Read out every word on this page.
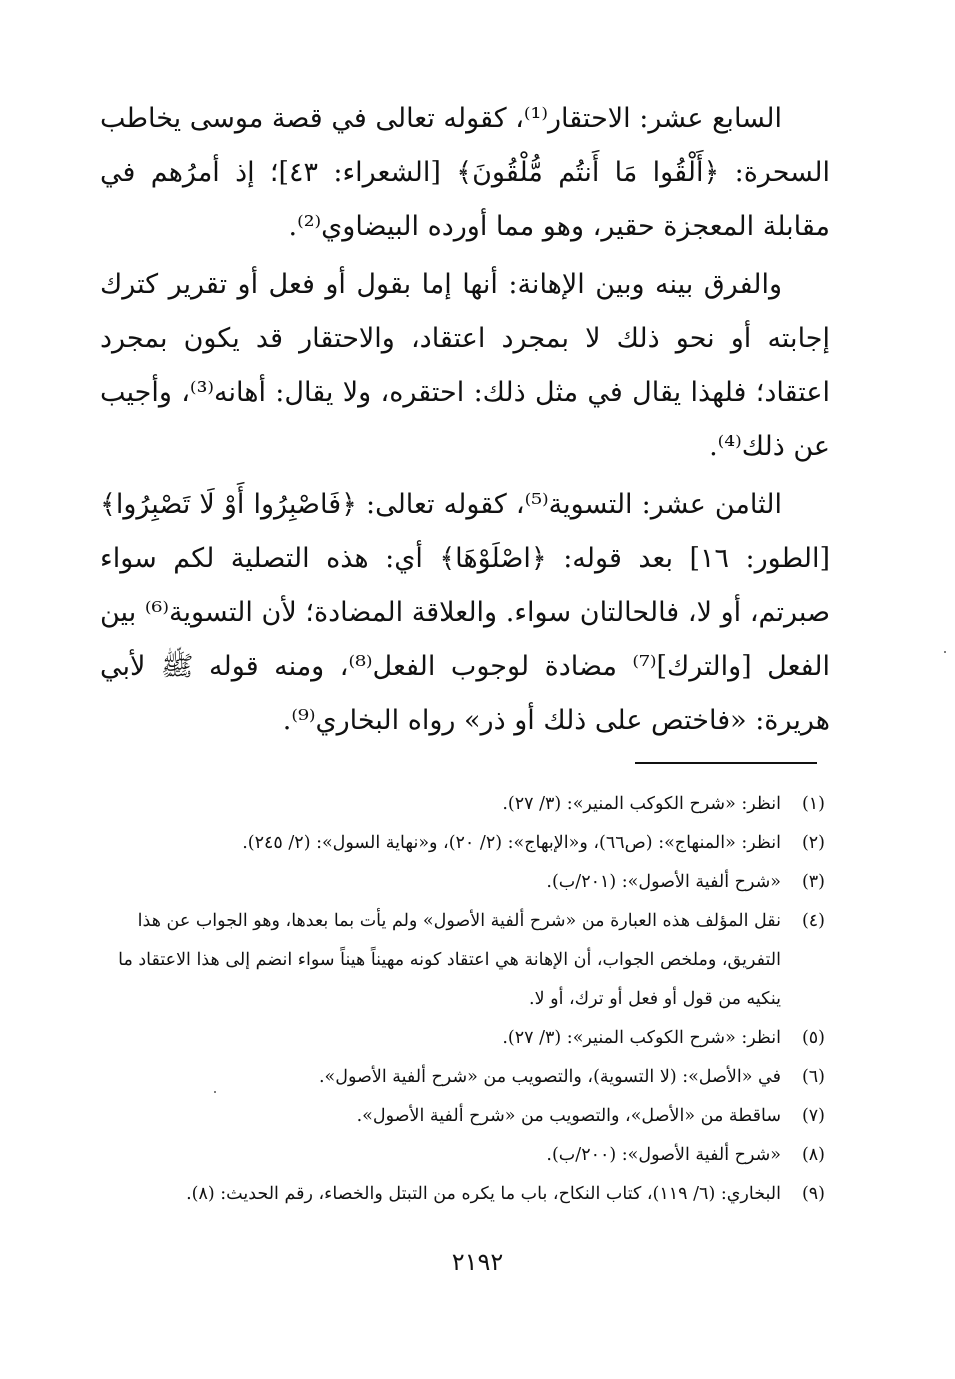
السابع عشر: الاحتقار⁽¹⁾، كقوله تعالى في قصة موسى يخاطب السحرة: ﴿أَلْقُوا مَا أَنتُم مُّلْقُونَ﴾ [الشعراء: ٤٣]؛ إذ أمرُهم في مقابلة المعجزة حقير، وهو مما أورده البيضاوي⁽²⁾.

والفرق بينه وبين الإهانة: أنها إما بقول أو فعل أو تقرير كترك إجابته أو نحو ذلك لا بمجرد اعتقاد، والاحتقار قد يكون بمجرد اعتقاد؛ فلهذا يقال في مثل ذلك: احتقره، ولا يقال: أهانه⁽³⁾، وأجيب عن ذلك⁽⁴⁾.

الثامن عشر: التسوية⁽⁵⁾، كقوله تعالى: ﴿فَاصْبِرُوا أَوْ لَا تَصْبِرُوا﴾ [الطور: ١٦] بعد قوله: ﴿اصْلَوْهَا﴾ أي: هذه التصلية لكم سواء صبرتم، أو لا، فالحالتان سواء. والعلاقة المضادة؛ لأن التسوية⁽⁶⁾ بين الفعل [والترك]⁽⁷⁾ مضادة لوجوب الفعل⁽⁸⁾، ومنه قوله ﷺ لأبي هريرة: «فاختص على ذلك أو ذر» رواه البخاري⁽⁹⁾.

(١)
انظر: «شرح الكوكب المنير»: (٣/ ٢٧).
(٢)
انظر: «المنهاج»: (ص٦٦)، و«الإبهاج»: (٢/ ٢٠)، و«نهاية السول»: (٢/ ٢٤٥).
(٣)
«شرح ألفية الأصول»: (٢٠١/ب).
(٤)
نقل المؤلف هذه العبارة من «شرح ألفية الأصول» ولم يأت بما بعدها، وهو الجواب عن هذا التفريق، وملخص الجواب، أن الإهانة هي اعتقاد كونه مهيناً هيناً سواء انضم إلى هذا الاعتقاد ما ينكيه من قول أو فعل أو ترك، أو لا.
(٥)
انظر: «شرح الكوكب المنير»: (٣/ ٢٧).
(٦)
في «الأصل»: (لا التسوية)، والتصويب من «شرح ألفية الأصول».
(٧)
ساقطة من «الأصل»، والتصويب من «شرح ألفية الأصول».
(٨)
«شرح ألفية الأصول»: (٢٠٠/ب).
(٩)
البخاري: (٦/ ١١٩)، كتاب النكاح، باب ما يكره من التبتل والخصاء، رقم الحديث: (٨).
٢١٩٢
